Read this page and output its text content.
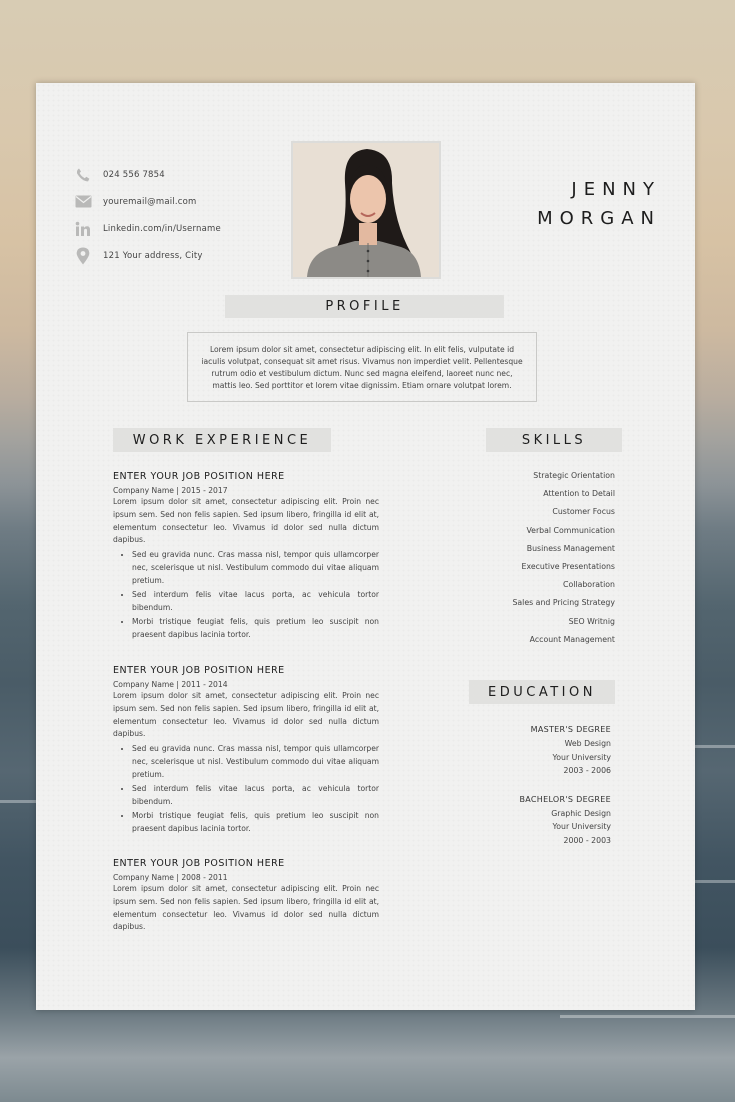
024 556 7854
youremail@mail.com
Linkedin.com/in/Username
121 Your address, City
JENNY
MORGAN
PROFILE
Lorem ipsum dolor sit amet, consectetur adipiscing elit. In elit felis, vulputate id iaculis volutpat, consequat sit amet risus. Vivamus non imperdiet velit. Pellentesque rutrum odio et vestibulum dictum. Nunc sed magna eleifend, laoreet nunc nec, mattis leo. Sed porttitor et lorem vitae dignissim. Etiam ornare volutpat lorem.
WORK EXPERIENCE
ENTER YOUR JOB POSITION HERE
Company Name | 2015 - 2017
Lorem ipsum dolor sit amet, consectetur adipiscing elit. Proin nec ipsum sem. Sed non felis sapien. Sed ipsum libero, fringilla id elit at, elementum consectetur leo. Vivamus id dolor sed nulla dictum dapibus.
• Sed eu gravida nunc. Cras massa nisl, tempor quis ullamcorper nec, scelerisque ut nisl. Vestibulum commodo dui vitae aliquam pretium.
• Sed interdum felis vitae lacus porta, ac vehicula tortor bibendum.
• Morbi tristique feugiat felis, quis pretium leo suscipit non praesent dapibus lacinia tortor.
ENTER YOUR JOB POSITION HERE
Company Name | 2011 - 2014
Lorem ipsum dolor sit amet, consectetur adipiscing elit. Proin nec ipsum sem. Sed non felis sapien. Sed ipsum libero, fringilla id elit at, elementum consectetur leo. Vivamus id dolor sed nulla dictum dapibus.
• Sed eu gravida nunc. Cras massa nisl, tempor quis ullamcorper nec, scelerisque ut nisl. Vestibulum commodo dui vitae aliquam pretium.
• Sed interdum felis vitae lacus porta, ac vehicula tortor bibendum.
• Morbi tristique feugiat felis, quis pretium leo suscipit non praesent dapibus lacinia tortor.
ENTER YOUR JOB POSITION HERE
Company Name | 2008 - 2011
Lorem ipsum dolor sit amet, consectetur adipiscing elit. Proin nec ipsum sem. Sed non felis sapien. Sed ipsum libero, fringilla id elit at, elementum consectetur leo. Vivamus id dolor sed nulla dictum dapibus.
SKILLS
Strategic Orientation
Attention to Detail
Customer Focus
Verbal Communication
Business Management
Executive Presentations
Collaboration
Sales and Pricing Strategy
SEO Writnig
Account Management
EDUCATION
MASTER'S DEGREE
Web Design
Your University
2003 - 2006
BACHELOR'S DEGREE
Graphic Design
Your University
2000 - 2003
